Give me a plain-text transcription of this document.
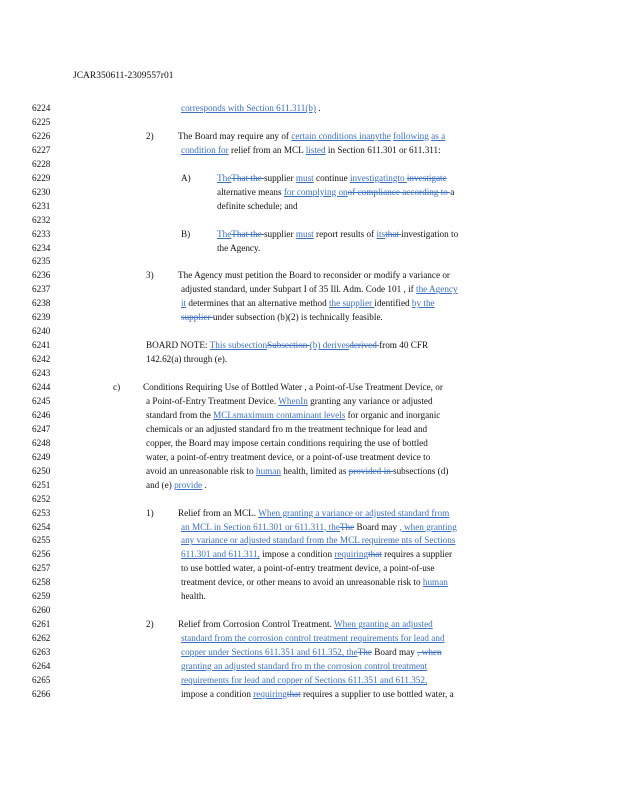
JCAR350611-2309557r01
6224
6225
6226
6227
6228
6229
6230
6231
6232
6233
6234
6235
6236
6237
6238
6239
6240
6241
6242
6243
6244
6245
6246
6247
6248
6249
6250
6251
6252
6253
6254
6255
6256
6257
6258
6259
6260
6261
6262
6263
6264
6265
6266
corresponds with Section 611.311(b) .
2)	The Board may require any of certain conditions inanythe following as a
condition for relief from an MCL listed in Section 611.301 or 611.311:
A)	TheThat the supplier must continue investigatingto investigate
alternative means for complying onof compliance according to a
definite schedule; and
B)	TheThat the supplier must report results of itsthat investigation to
the Agency.
3)	The Agency must petition the Board to reconsider or modify a variance or
adjusted standard, under Subpart I of 35 Ill. Adm. Code 101 , if the Agency
it determines that an alternative method the supplier identified by the
supplier under subsection (b)(2) is technically feasible.
BOARD NOTE: This subsectionSubsection (b) derivesderived from 40 CFR
142.62(a) through (e).
c) Conditions Requiring Use of Bottled Water , a Point-of-Use Treatment Device, or
a Point-of-Entry Treatment Device. WhenIn granting any variance or adjusted
standard from the MCLsmaximum contaminant levels for organic and inorganic
chemicals or an adjusted standard fro m the treatment technique for lead and
copper, the Board may impose certain conditions requiring the use of bottled
water, a point-of-entry treatment device, or a point-of-use treatment device to
avoid an unreasonable risk to human health, limited as provided in subsections (d)
and (e) provide .
1)	Relief from an MCL. When granting a variance or adjusted standard from
an MCL in Section 611.301 or 611.311, theThe Board may , when granting
any variance or adjusted standard from the MCL requireme nts of Sections
611.301 and 611.311, impose a condition requiringthat requires a supplier
to use bottled water, a point-of-entry treatment device, a point-of-use
treatment device, or other means to avoid an unreasonable risk to human
health.
2)	Relief from Corrosion Control Treatment. When granting an adjusted
standard from the corrosion control treatment requirements for lead and
copper under Sections 611.351 and 611.352, theThe Board may , when
granting an adjusted standard fro m the corrosion control treatment
requirements for lead and copper of Sections 611.351 and 611.352,
impose a condition requiringthat requires a supplier to use bottled water, a
